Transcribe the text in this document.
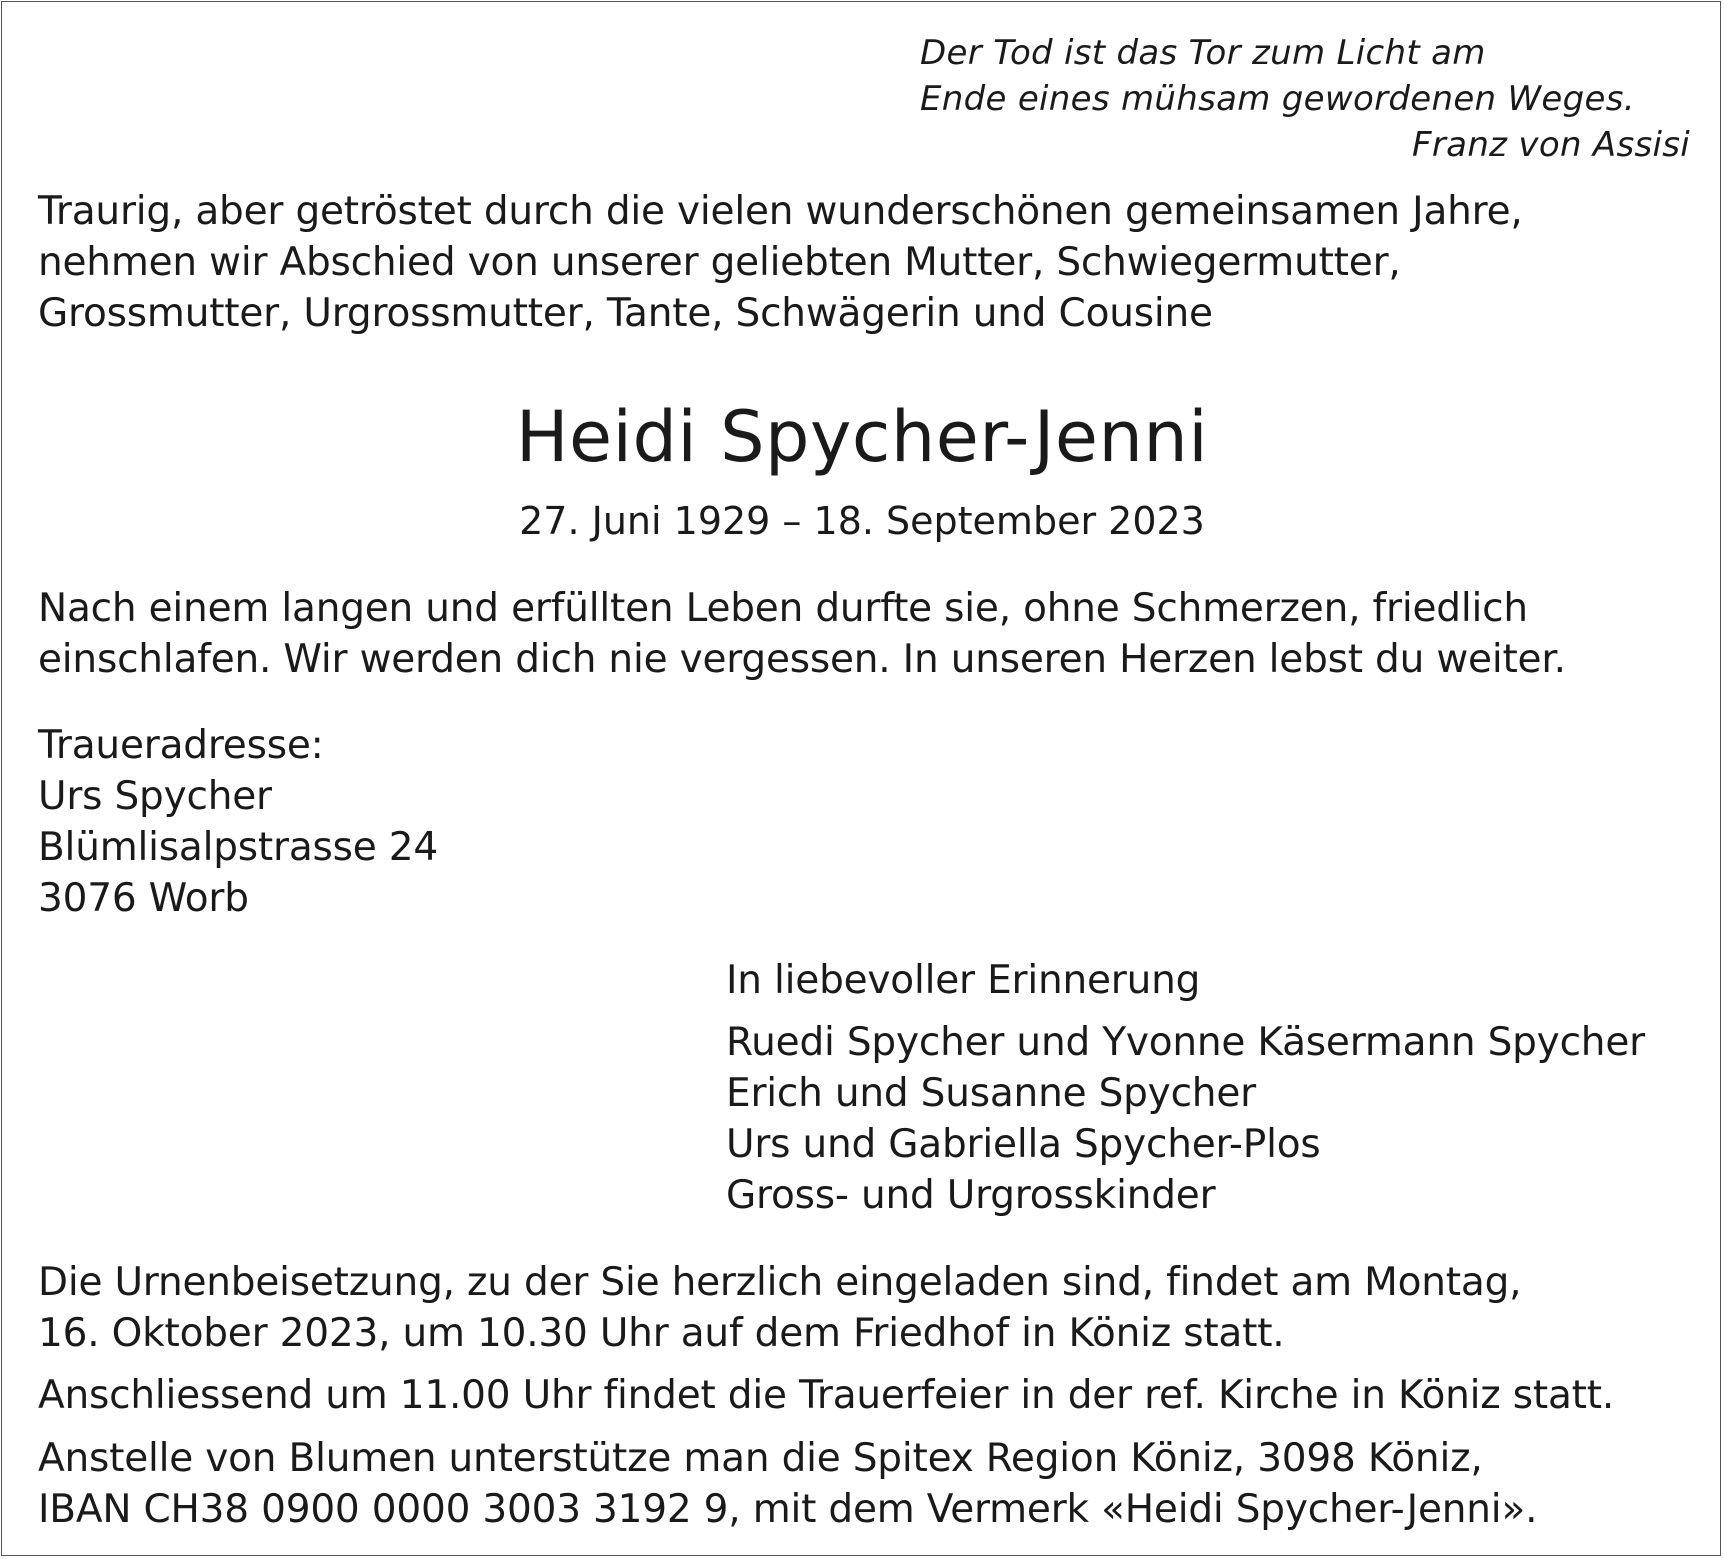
Der Tod ist das Tor zum Licht am
Ende eines mühsam gewordenen Weges.
Franz von Assisi
Traurig, aber getröstet durch die vielen wunderschönen gemeinsamen Jahre,
nehmen wir Abschied von unserer geliebten Mutter, Schwiegermutter,
Grossmutter, Urgrossmutter, Tante, Schwägerin und Cousine
Heidi Spycher-Jenni
27. Juni 1929 – 18. September 2023
Nach einem langen und erfüllten Leben durfte sie, ohne Schmerzen, friedlich
einschlafen. Wir werden dich nie vergessen. In unseren Herzen lebst du weiter.
Traueradresse:
Urs Spycher
Blümlisalpstrasse 24
3076 Worb
In liebevoller Erinnerung
Ruedi Spycher und Yvonne Käsermann Spycher
Erich und Susanne Spycher
Urs und Gabriella Spycher-Plos
Gross- und Urgrosskinder
Die Urnenbeisetzung, zu der Sie herzlich eingeladen sind, findet am Montag,
16. Oktober 2023, um 10.30 Uhr auf dem Friedhof in Köniz statt.
Anschliessend um 11.00 Uhr findet die Trauerfeier in der ref. Kirche in Köniz statt.
Anstelle von Blumen unterstütze man die Spitex Region Köniz, 3098 Köniz,
IBAN CH38 0900 0000 3003 3192 9, mit dem Vermerk «Heidi Spycher-Jenni».
